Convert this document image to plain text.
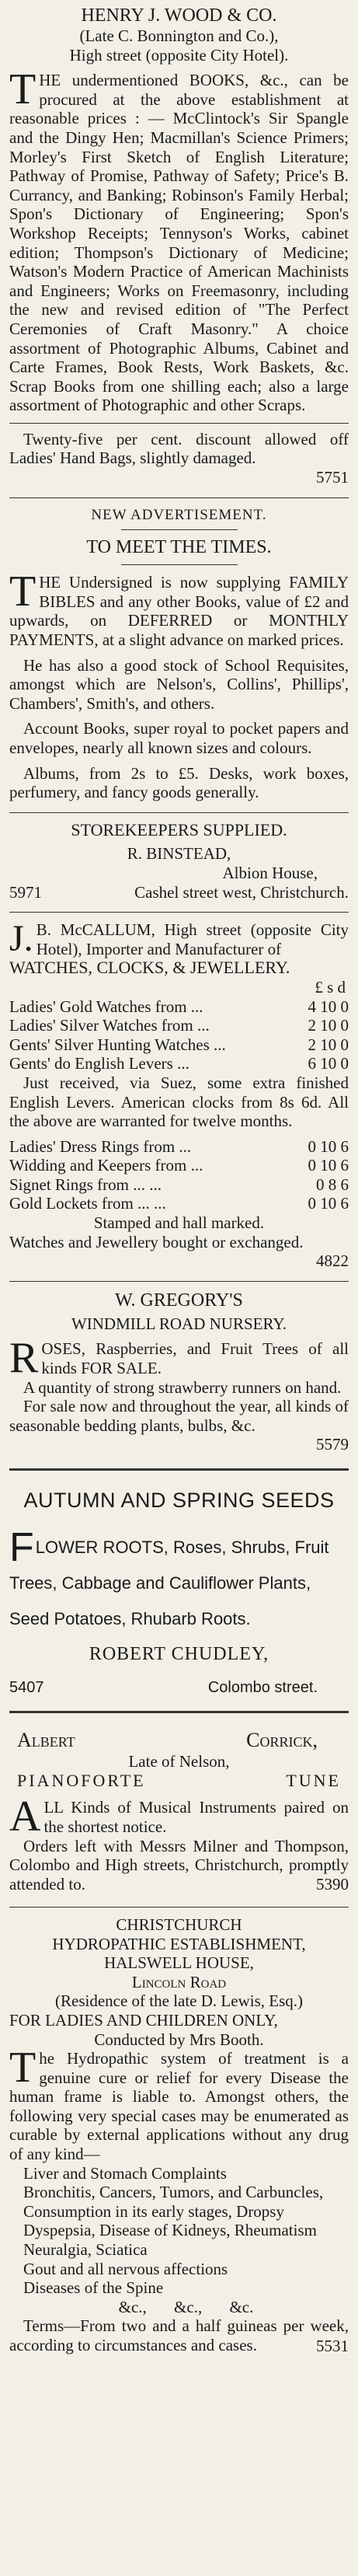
HENRY J. WOOD & CO.
(Late C. Bonnington and Co.),
High street (opposite City Hotel).
THE undermentioned BOOKS, &c., can be procured at the above establishment at reasonable prices : — McClintock's Sir Spangle and the Dingy Hen; Macmillan's Science Primers; Morley's First Sketch of English Literature; Pathway of Promise, Pathway of Safety; Price's B. Currancy, and Banking; Robinson's Family Herbal; Spon's Dictionary of Engineering; Spon's Workshop Receipts; Tennyson's Works, cabinet edition; Thompson's Dictionary of Medicine; Watson's Modern Practice of American Machinists and Engineers; Works on Freemasonry, including the new and revised edition of "The Perfect Ceremonies of Craft Masonry." A choice assortment of Photographic Albums, Cabinet and Carte Frames, Book Rests, Work Baskets, &c. Scrap Books from one shilling each; also a large assortment of Photographic and other Scraps.
Twenty-five per cent. discount allowed off Ladies' Hand Bags, slightly damaged.
5751
NEW ADVERTISEMENT.
TO MEET THE TIMES.
THE Undersigned is now supplying FAMILY BIBLES and any other Books, value of £2 and upwards, on DEFERRED or MONTHLY PAYMENTS, at a slight advance on marked prices.
He has also a good stock of School Requisites, amongst which are Nelson's, Collins', Phillips', Chambers', Smith's, and others.
Account Books, super royal to pocket papers and envelopes, nearly all known sizes and colours.
Albums, from 2s to £5. Desks, work boxes, perfumery, and fancy goods generally.
STOREKEEPERS SUPPLIED.
R. BINSTEAD,
Albion House,
5971	Cashel street west, Christchurch.
J. B. McCALLUM, High street (opposite City Hotel), Importer and Manufacturer of
WATCHES, CLOCKS, & JEWELLERY.
£ s d
Ladies' Gold Watches from ...	4 10 0
Ladies' Silver Watches from ...	2 10 0
Gents' Silver Hunting Watches ...	2 10 0
Gents' do English Levers ...	6 10 0
Just received, via Suez, some extra finished English Levers. American clocks from 8s 6d. All the above are warranted for twelve months.
Ladies' Dress Rings from ...	0 10 6
Widding and Keepers from ...	0 10 6
Signet Rings from ... ...	0 8 6
Gold Lockets from ... ...	0 10 6
Stamped and hall marked.
Watches and Jewellery bought or exchanged.
4822
W. GREGORY'S
WINDMILL ROAD NURSERY.
ROSES, Raspberries, and Fruit Trees of all kinds FOR SALE.
A quantity of strong strawberry runners on hand.
For sale now and throughout the year, all kinds of seasonable bedding plants, bulbs, &c.
5579
AUTUMN AND SPRING SEEDS
FLOWER ROOTS, Roses, Shrubs, Fruit
Trees, Cabbage and Cauliflower Plants,
Seed Potatoes, Rhubarb Roots.
ROBERT CHUDLEY,
5407	Colombo street.
Albert	Corrick,
Late of Nelson,
PIANOFORTE	TUNE
ALL Kinds of Musical Instruments paired on the shortest notice.
Orders left with Messrs Milner and Thompson, Colombo and High streets, Christchurch, promptly attended to.	5390
CHRISTCHURCH
HYDROPATHIC ESTABLISHMENT,
HALSWELL HOUSE,
Lincoln Road
(Residence of the late D. Lewis, Esq.)
FOR LADIES AND CHILDREN ONLY,
Conducted by Mrs Booth.
The Hydropathic system of treatment is a genuine cure or relief for every Disease the human frame is liable to. Amongst others, the following very special cases may be enumerated as curable by external applications without any drug of any kind—
Liver and Stomach Complaints
Bronchitis, Cancers, Tumors, and Carbuncles,
Consumption in its early stages, Dropsy
Dyspepsia, Disease of Kidneys, Rheumatism
Neuralgia, Sciatica
Gout and all nervous affections
Diseases of the Spine
&c., &c., &c.
Terms—From two and a half guineas per week, according to circumstances and cases.	5531
